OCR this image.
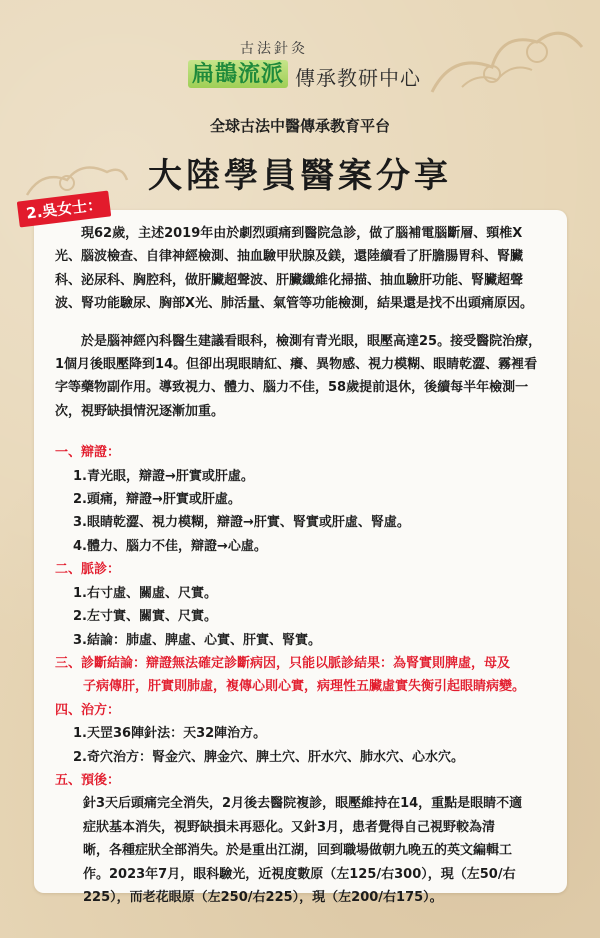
古法針灸
扁鵲流派 傳承教研中心
全球古法中醫傳承教育平台
大陸學員醫案分享
2.吳女士：

現62歲，主述2019年由於劇烈頭痛到醫院急診，做了腦補電腦斷層、頸椎X光、腦波檢查、自律神經檢測、抽血驗甲狀腺及鎂，還陸續看了肝膽腸胃科、腎臟科、泌尿科、胸腔科，做肝臟超聲波、肝臟纖維化掃描、抽血驗肝功能、腎臟超聲波、腎功能驗尿、胸部X光、肺活量、氣管等功能檢測，結果還是找不出頭痛原因。

於是腦神經內科醫生建議看眼科，檢測有青光眼，眼壓高達25。接受醫院治療，1個月後眼壓降到14。但卻出現眼睛紅、癢、異物感、視力模糊、眼睛乾澀、霧裡看字等藥物副作用。導致視力、體力、腦力不佳，58歲提前退休，後續每半年檢測一次，視野缺損情況逐漸加重。

一、辯證：

1.青光眼，辯證→肝實或肝虛。

2.頭痛，辯證→肝實或肝虛。

3.眼睛乾澀、視力模糊，辯證→肝實、腎實或肝虛、腎虛。

4.體力、腦力不佳，辯證→心虛。

二、脈診：

1.右寸虛、關虛、尺實。

2.左寸實、關實、尺實。

3.結論：肺虛、脾虛、心實、肝實、腎實。

三、診斷結論：辯證無法確定診斷病因，只能以脈診結果：為腎實則脾虛，母及

子病傳肝，肝實則肺虛，複傳心則心實，病理性五臟虛實失衡引起眼睛病變。

四、治方：

1.天罡36陣針法：天32陣治方。

2.奇穴治方：腎金穴、脾金穴、脾土穴、肝水穴、肺水穴、心水穴。

五、預後：

針3天后頭痛完全消失，2月後去醫院複診，眼壓維持在14，重點是眼睛不適

症狀基本消失，視野缺損未再惡化。又針3月，患者覺得自己視野較為清

晰，各種症狀全部消失。於是重出江湖，回到職場做朝九晚五的英文編輯工

作。2023年7月，眼科驗光，近視度數原（左125/右300），現（左50/右

225），而老花眼原（左250/右225），現（左200/右175）。
